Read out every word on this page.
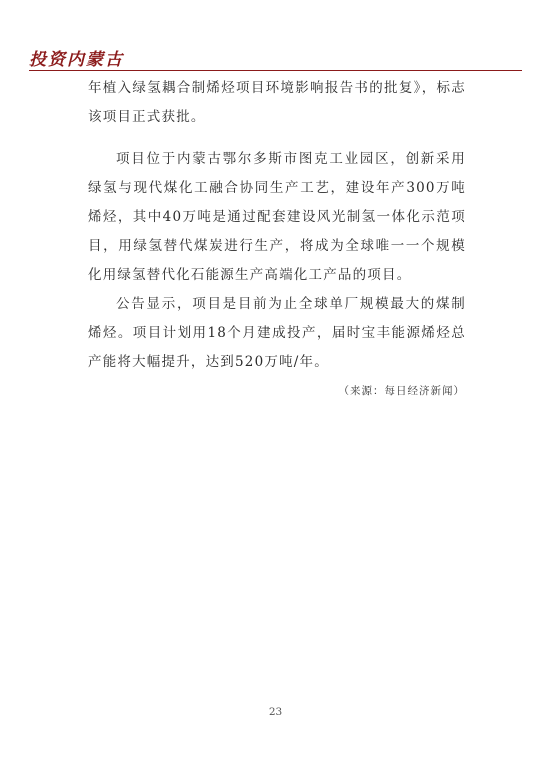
投资内蒙古

年植入绿氢耦合制烯烃项目环境影响报告书的批复》，标志该项目正式获批。

项目位于内蒙古鄂尔多斯市图克工业园区，创新采用绿氢与现代煤化工融合协同生产工艺，建设年产300万吨烯烃，其中40万吨是通过配套建设风光制氢一体化示范项目，用绿氢替代煤炭进行生产，将成为全球唯一一个规模化用绿氢替代化石能源生产高端化工产品的项目。

公告显示，项目是目前为止全球单厂规模最大的煤制烯烃。项目计划用18个月建成投产，届时宝丰能源烯烃总产能将大幅提升，达到520万吨/年。

（来源：每日经济新闻）
23
